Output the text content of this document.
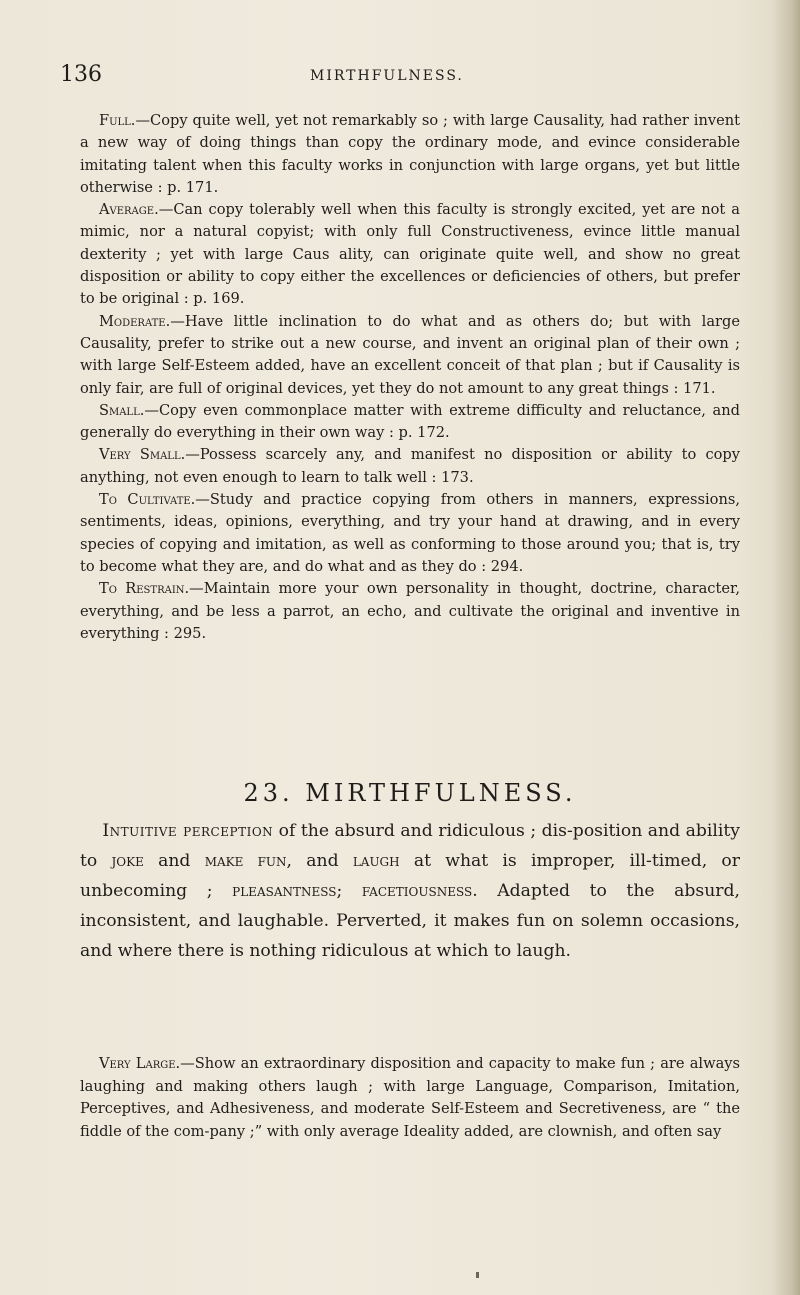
136	MIRTHFULNESS.

Full.—Copy quite well, yet not remarkably so ; with large Causality, had rather invent a new way of doing things than copy the ordinary mode, and evince considerable imitating talent when this faculty works in conjunction with large organs, yet but little otherwise : p. 171.

Average.—Can copy tolerably well when this faculty is strongly excited, yet are not a mimic, nor a natural copyist; with only full Constructiveness, evince little manual dexterity ; yet with large Caus ality, can originate quite well, and show no great disposition or ability to copy either the excellences or deficiencies of others, but prefer to be original : p. 169.

Moderate.—Have little inclination to do what and as others do; but with large Causality, prefer to strike out a new course, and invent an original plan of their own ; with large Self-Esteem added, have an excellent conceit of that plan ; but if Causality is only fair, are full of original devices, yet they do not amount to any great things : 171.

Small.—Copy even commonplace matter with extreme difficulty and reluctance, and generally do everything in their own way : p. 172.

Very Small.—Possess scarcely any, and manifest no disposition or ability to copy anything, not even enough to learn to talk well : 173.

To Cultivate.—Study and practice copying from others in manners, expressions, sentiments, ideas, opinions, everything, and try your hand at drawing, and in every species of copying and imitation, as well as conforming to those around you; that is, try to become what they are, and do what and as they do : 294.

To Restrain.—Maintain more your own personality in thought, doctrine, character, everything, and be less a parrot, an echo, and cultivate the original and inventive in everything : 295.

23. MIRTHFULNESS.

Intuitive perception of the absurd and ridiculous ; dis-position and ability to joke and make fun, and laugh at what is improper, ill-timed, or unbecoming ; pleasantness; facetiousness. Adapted to the absurd, inconsistent, and laughable. Perverted, it makes fun on solemn occasions, and where there is nothing ridiculous at which to laugh.

Very Large.—Show an extraordinary disposition and capacity to make fun ; are always laughing and making others laugh ; with large Language, Comparison, Imitation, Perceptives, and Adhesiveness, and moderate Self-Esteem and Secretiveness, are “ the fiddle of the com-pany ;” with only average Ideality added, are clownish, and often say
